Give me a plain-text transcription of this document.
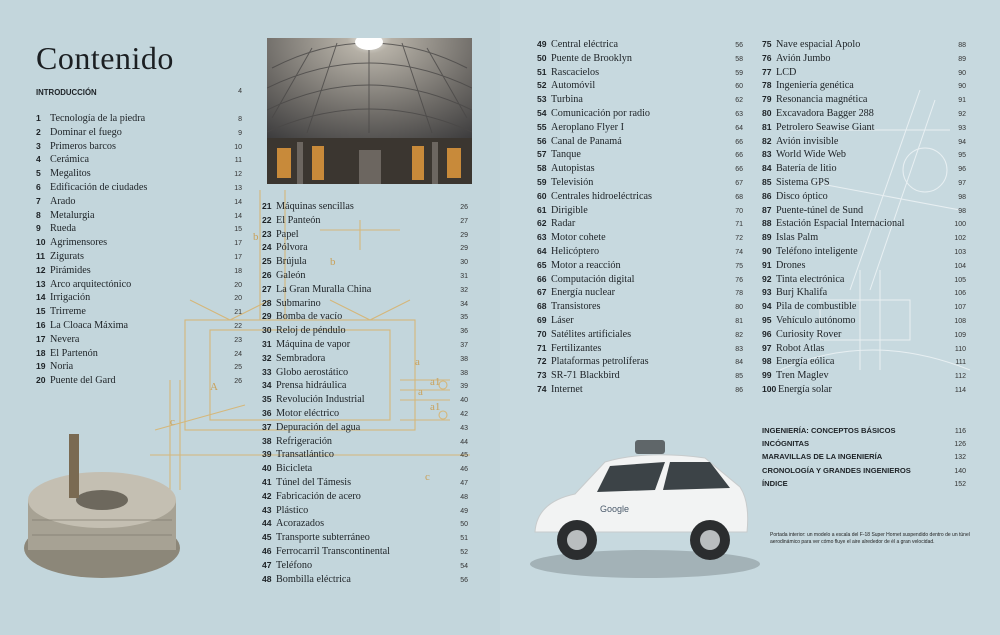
a
a
a1
a1
b
b
c
c
A
Google
Contenido
INTRODUCCIÓN	4
1 Tecnología de la piedra	8
2 Dominar el fuego	9
3 Primeros barcos	10
4 Cerámica	11
5 Megalitos	12
6 Edificación de ciudades	13
7 Arado	14
8 Metalurgia	14
9 Rueda	15
10 Agrimensores	17
11 Zigurats	17
12 Pirámides	18
13 Arco arquitectónico	20
14 Irrigación	20
15 Trirreme	21
16 La Cloaca Máxima	22
17 Nevera	23
18 El Partenón	24
19 Noria	25
20 Puente del Gard	26
21 Máquinas sencillas	26
22 El Panteón	27
23 Papel	29
24 Pólvora	29
25 Brújula	30
26 Galeón	31
27 La Gran Muralla China	32
28 Submarino	34
29 Bomba de vacío	35
30 Reloj de péndulo	36
31 Máquina de vapor	37
32 Sembradora	38
33 Globo aerostático	38
34 Prensa hidráulica	39
35 Revolución Industrial	40
36 Motor eléctrico	42
37 Depuración del agua	43
38 Refrigeración	44
39 Transatlántico	45
40 Bicicleta	46
41 Túnel del Támesis	47
42 Fabricación de acero	48
43 Plástico	49
44 Acorazados	50
45 Transporte subterráneo	51
46 Ferrocarril Transcontinental	52
47 Teléfono	54
48 Bombilla eléctrica	56
49 Central eléctrica	56
50 Puente de Brooklyn	58
51 Rascacielos	59
52 Automóvil	60
53 Turbina	62
54 Comunicación por radio	63
55 Aeroplano Flyer I	64
56 Canal de Panamá	66
57 Tanque	66
58 Autopistas	66
59 Televisión	67
60 Centrales hidroeléctricas	68
61 Dirigible	70
62 Radar	71
63 Motor cohete	72
64 Helicóptero	74
65 Motor a reacción	75
66 Computación digital	76
67 Energía nuclear	78
68 Transistores	80
69 Láser	81
70 Satélites artificiales	82
71 Fertilizantes	83
72 Plataformas petrolíferas	84
73 SR-71 Blackbird	85
74 Internet	86
75 Nave espacial Apolo	88
76 Avión Jumbo	89
77 LCD	90
78 Ingeniería genética	90
79 Resonancia magnética	91
80 Excavadora Bagger 288	92
81 Petrolero Seawise Giant	93
82 Avión invisible	94
83 World Wide Web	95
84 Batería de litio	96
85 Sistema GPS	97
86 Disco óptico	98
87 Puente-túnel de Sund	98
88 Estación Espacial Internacional	100
89 Islas Palm	102
90 Teléfono inteligente	103
91 Drones	104
92 Tinta electrónica	105
93 Burj Khalifa	106
94 Pila de combustible	107
95 Vehículo autónomo	108
96 Curiosity Rover	109
97 Robot Atlas	110
98 Energía eólica	111
99 Tren Maglev	112
100 Energía solar	114
INGENIERÍA: CONCEPTOS BÁSICOS	116
INCÓGNITAS	126
MARAVILLAS DE LA INGENIERÍA	132
CRONOLOGÍA Y GRANDES INGENIEROS	140
ÍNDICE	152
Portada interior: un modelo a escala del F-18 Super Hornet suspendido dentro de un túnel aerodinámico para ver cómo fluye el aire alrededor de él a gran velocidad.
